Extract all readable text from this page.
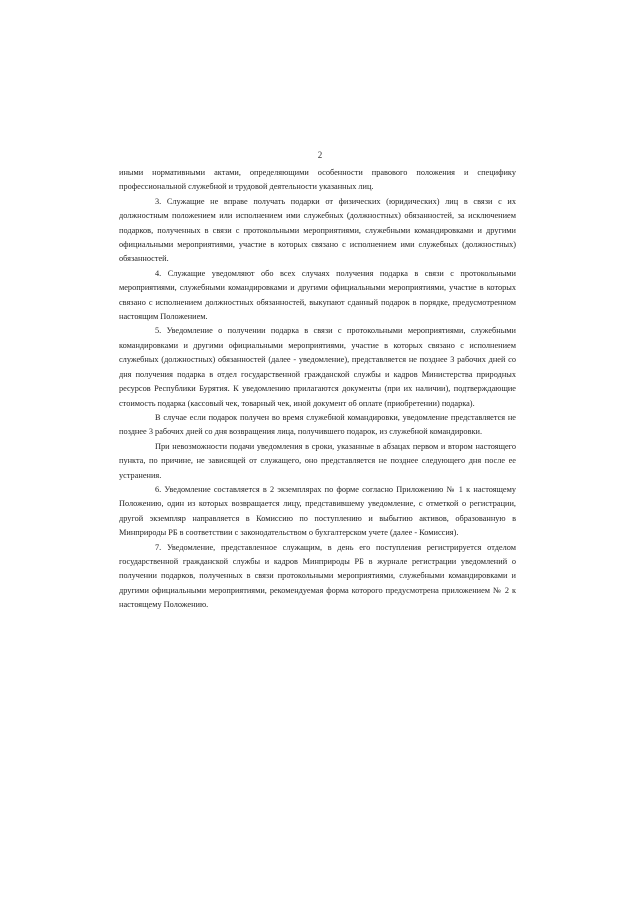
2

иными нормативными актами, определяющими особенности правового положения и специфику профессиональной служебной и трудовой деятельности указанных лиц.

3. Служащие не вправе получать подарки от физических (юридических) лиц в связи с их должностным положением или исполнением ими служебных (должностных) обязанностей, за исключением подарков, полученных в связи с протокольными мероприятиями, служебными командировками и другими официальными мероприятиями, участие в которых связано с исполнением ими служебных (должностных) обязанностей.

4. Служащие уведомляют обо всех случаях получения подарка в связи с протокольными мероприятиями, служебными командировками и другими официальными мероприятиями, участие в которых связано с исполнением должностных обязанностей, выкупают сданный подарок в порядке, предусмотренном настоящим Положением.

5. Уведомление о получении подарка в связи с протокольными мероприятиями, служебными командировками и другими официальными мероприятиями, участие в которых связано с исполнением служебных (должностных) обязанностей (далее - уведомление), представляется не позднее 3 рабочих дней со дня получения подарка в отдел государственной гражданской службы и кадров Министерства природных ресурсов Республики Бурятия. К уведомлению прилагаются документы (при их наличии), подтверждающие стоимость подарка (кассовый чек, товарный чек, иной документ об оплате (приобретении) подарка).

В случае если подарок получен во время служебной командировки, уведомление представляется не позднее 3 рабочих дней со дня возвращения лица, получившего подарок, из служебной командировки.

При невозможности подачи уведомления в сроки, указанные в абзацах первом и втором настоящего пункта, по причине, не зависящей от служащего, оно представляется не позднее следующего дня после ее устранения.

6. Уведомление составляется в 2 экземплярах по форме согласно Приложению № 1 к настоящему Положению, один из которых возвращается лицу, представившему уведомление, с отметкой о регистрации, другой экземпляр направляется в Комиссию по поступлению и выбытию активов, образованную в Минприроды РБ в соответствии с законодательством о бухгалтерском учете (далее - Комиссия).

7. Уведомление, представленное служащим, в день его поступления регистрируется отделом государственной гражданской службы и кадров Минприроды РБ в журнале регистрации уведомлений о получении подарков, полученных в связи протокольными мероприятиями, служебными командировками и другими официальными мероприятиями, рекомендуемая форма которого предусмотрена приложением № 2 к настоящему Положению.
